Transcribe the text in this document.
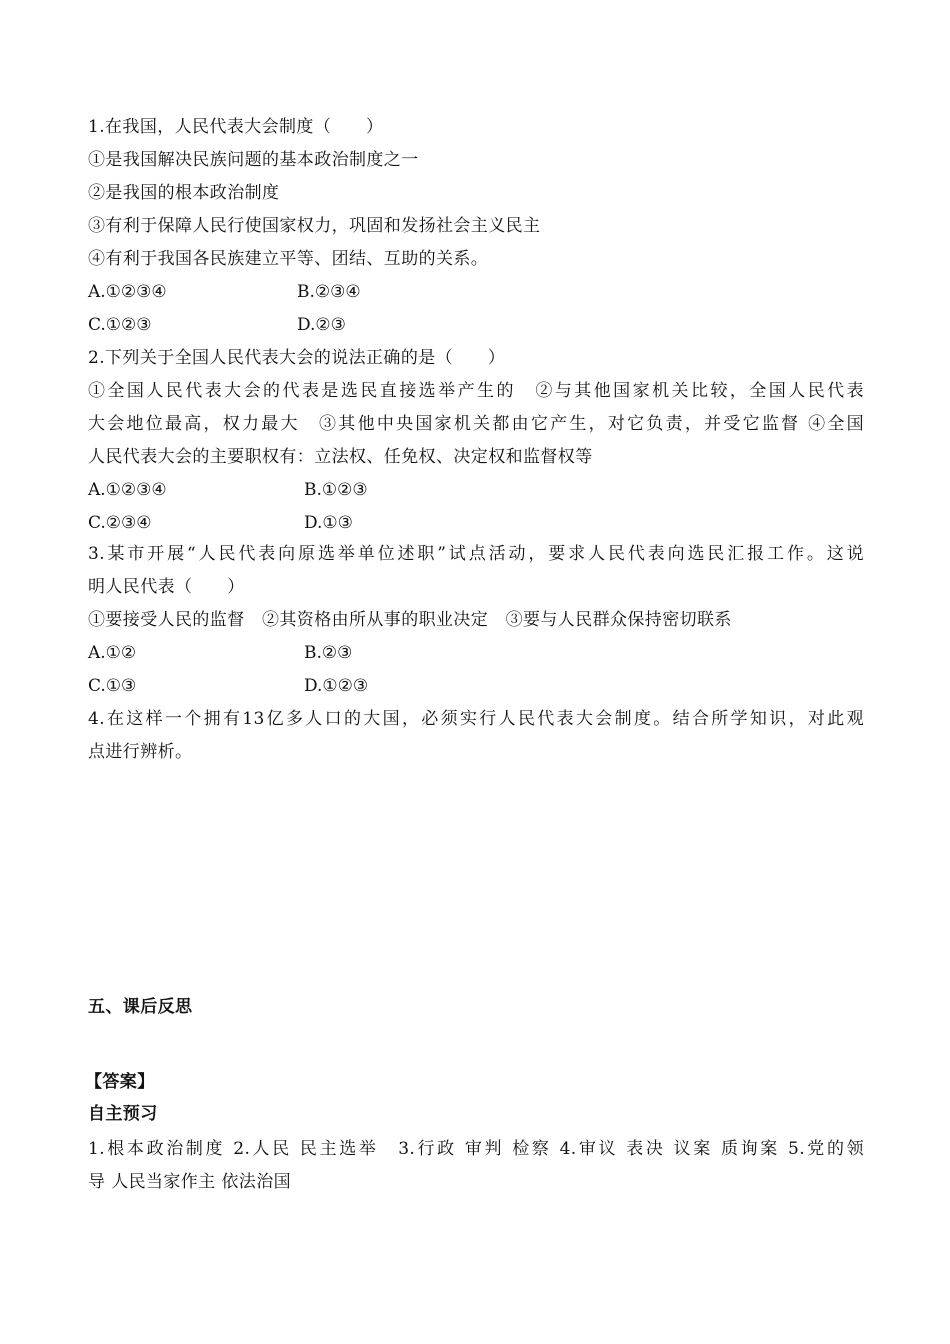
1.在我国，人民代表大会制度（　　）
①是我国解决民族问题的基本政治制度之一
②是我国的根本政治制度
③有利于保障人民行使国家权力，巩固和发扬社会主义民主
④有利于我国各民族建立平等、团结、互助的关系。
A.①②③④	B.②③④
C.①②③	D.②③
2.下列关于全国人民代表大会的说法正确的是（　　）
①全国人民代表大会的代表是选民直接选举产生的　②与其他国家机关比较，全国人民代表
大会地位最高，权力最大　③其他中央国家机关都由它产生，对它负责，并受它监督 ④全国
人民代表大会的主要职权有：立法权、任免权、决定权和监督权等
A.①②③④	B.①②③
C.②③④	D.①③
3.某市开展“人民代表向原选举单位述职”试点活动，要求人民代表向选民汇报工作。这说
明人民代表（　　）
①要接受人民的监督　②其资格由所从事的职业决定　③要与人民群众保持密切联系
A.①②	B.②③
C.①③	D.①②③
4.在这样一个拥有13亿多人口的大国，必须实行人民代表大会制度。结合所学知识，对此观
点进行辨析。
五、课后反思
【答案】
自主预习
1.根本政治制度 2.人民 民主选举　3.行政 审判 检察 4.审议 表决 议案 质询案 5.党的领
导 人民当家作主 依法治国
